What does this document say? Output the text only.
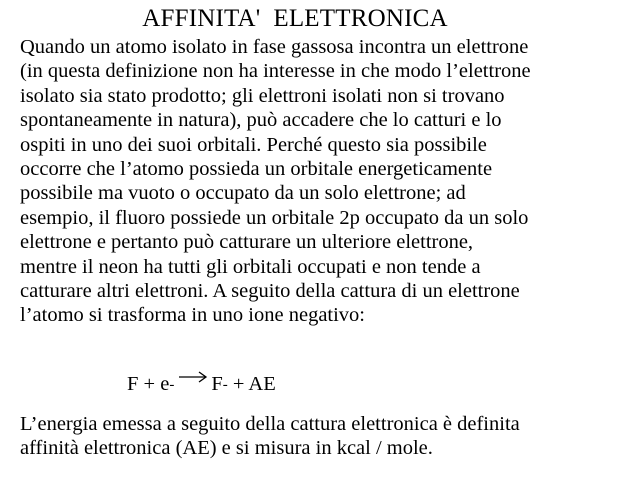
AFFINITA'  ELETTRONICA
Quando un atomo isolato in fase gassosa incontra un elettrone
(in questa definizione non ha interesse in che modo l’elettrone
isolato sia stato prodotto; gli elettroni isolati non si trovano
spontaneamente in natura), può accadere che lo catturi e lo
ospiti in uno dei suoi orbitali. Perché questo sia possibile
occorre che l’atomo possieda un orbitale energeticamente
possibile ma vuoto o occupato da un solo elettrone; ad
esempio, il fluoro possiede un orbitale 2p occupato da un solo
elettrone e pertanto può catturare un ulteriore elettrone,
mentre il neon ha tutti gli orbitali occupati e non tende a
catturare altri elettroni. A seguito della cattura di un elettrone
l’atomo si trasforma in uno ione negativo:
F + e- F- + AE
L’energia emessa a seguito della cattura elettronica è definita
affinità elettronica (AE) e si misura in kcal / mole.
